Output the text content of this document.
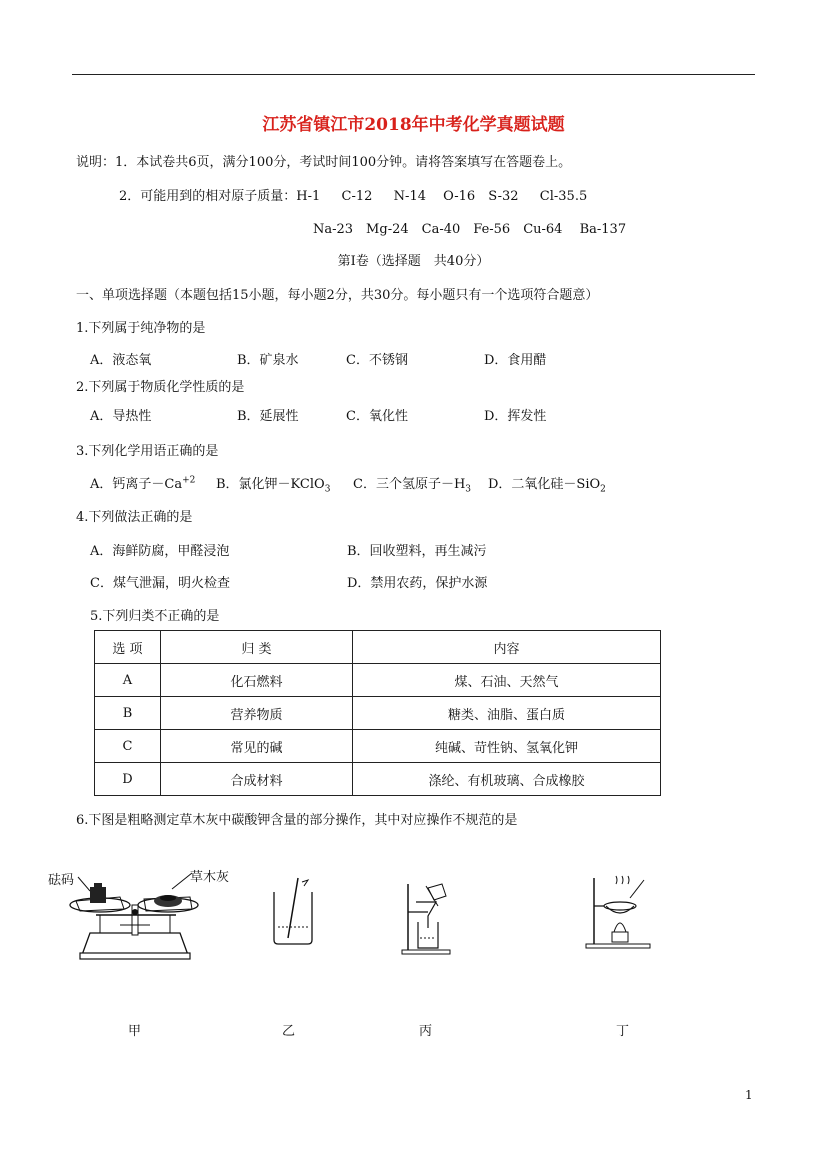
江苏省镇江市2018年中考化学真题试题
说明：1．本试卷共6页，满分100分，考试时间100分钟。请将答案填写在答题卷上。
2．可能用到的相对原子质量：H-1　  C-12　  N-14　 O-16　S-32　  Cl-35.5
Na-23　Mg-24　Ca-40　Fe-56　Cu-64　 Ba-137
第Ⅰ卷（选择题　共40分）
一、单项选择题（本题包括15小题，每小题2分，共30分。每小题只有一个选项符合题意）
1.下列属于纯净物的是
A．液态氧	B．矿泉水	C．不锈钢	D．食用醋
2.下列属于物质化学性质的是
A．导热性	B．延展性	C．氧化性	D．挥发性
3.下列化学用语正确的是
A．钙离子$-Ca^{+2}$ B．氯化钾－KClO$_3$ C．三个氢原子$-H_3$ D．二氧化硅－SiO$_2$
4.下列做法正确的是
A．海鲜防腐，甲醛浸泡	B．回收塑料，再生减污
C．煤气泄漏，明火检查	D．禁用农药，保护水源
5.下列归类不正确的是
选 项	归 类	内容
A	化石燃料	煤、石油、天然气
B	营养物质	糖类、油脂、蛋白质
C	常见的碱	纯碱、苛性钠、氢氧化钾
D	合成材料	涤纶、有机玻璃、合成橡胶
6.下图是粗略测定草木灰中碳酸钾含量的部分操作，其中对应操作不规范的是
砝码	草木灰
甲	乙	丙	丁
1
